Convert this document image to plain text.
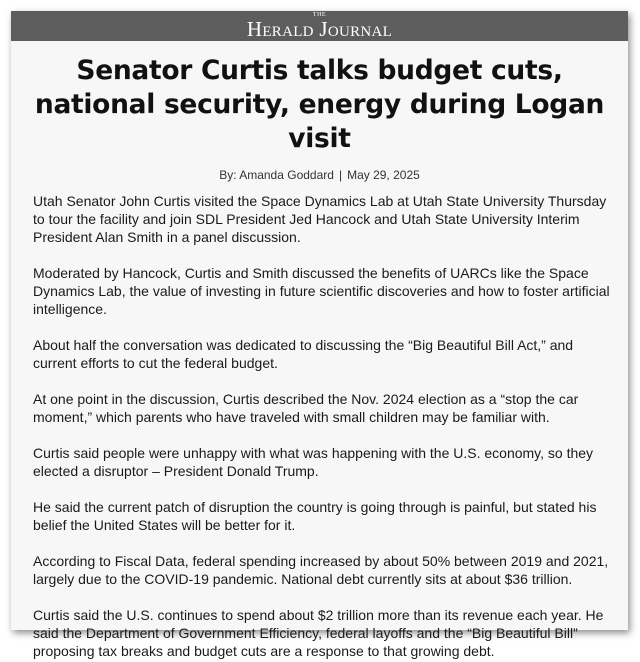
THE
Herald Journal
Senator Curtis talks budget cuts, national security, energy during Logan visit
By: Amanda Goddard | May 29, 2025

Utah Senator John Curtis visited the Space Dynamics Lab at Utah State University Thursday to tour the facility and join SDL President Jed Hancock and Utah State University Interim President Alan Smith in a panel discussion.

Moderated by Hancock, Curtis and Smith discussed the benefits of UARCs like the Space Dynamics Lab, the value of investing in future scientific discoveries and how to foster artificial intelligence.

About half the conversation was dedicated to discussing the “Big Beautiful Bill Act,” and current efforts to cut the federal budget.

At one point in the discussion, Curtis described the Nov. 2024 election as a “stop the car moment,” which parents who have traveled with small children may be familiar with.

Curtis said people were unhappy with what was happening with the U.S. economy, so they elected a disruptor – President Donald Trump.

He said the current patch of disruption the country is going through is painful, but stated his belief the United States will be better for it.

According to Fiscal Data, federal spending increased by about 50% between 2019 and 2021, largely due to the COVID-19 pandemic. National debt currently sits at about $36 trillion.

Curtis said the U.S. continues to spend about $2 trillion more than its revenue each year. He said the Department of Government Efficiency, federal layoffs and the “Big Beautiful Bill” proposing tax breaks and budget cuts are a response to that growing debt.
